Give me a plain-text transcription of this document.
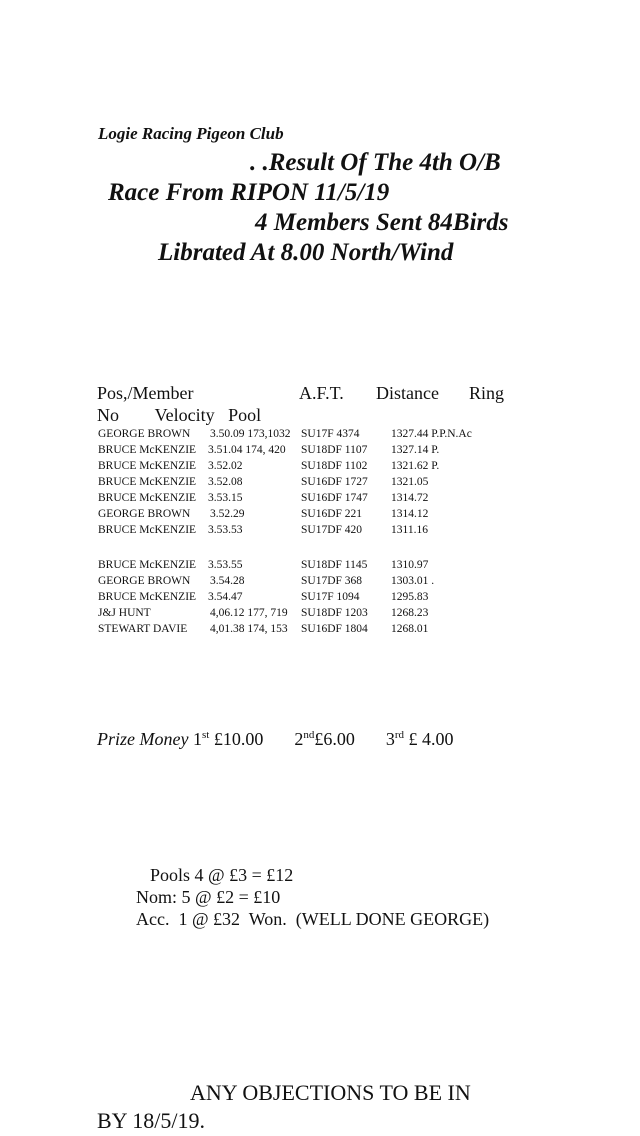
Logie Racing Pigeon Club
. .Result Of The 4th O/B
Race From RIPON 11/5/19
4 Members Sent 84Birds
Librated At 8.00 North/Wind
Pos,/Member	A.F.T. Distance Ring
No        Velocity   Pool
GEORGE BROWN 3.50.09 173,1032 SU17F 4374	1327.44 P.P.N.Ac
BRUCE McKENZIE 3.51.04 174, 420 SU18DF 1107 1327.14 P.
BRUCE McKENZIE 3.52.02	SU18DF 1102 1321.62 P.
BRUCE McKENZIE 3.52.08	SU16DF 1727 1321.05
BRUCE McKENZIE 3.53.15	SU16DF 1747 1314.72
GEORGE BROWN 3.52.29	SU16DF 221	1314.12
BRUCE McKENZIE 3.53.53	SU17DF 420	1311.16
BRUCE McKENZIE 3.53.55	SU18DF 1145 1310.97
GEORGE BROWN 3.54.28	SU17DF 368	1303.01 .
BRUCE McKENZIE 3.54.47	SU17F 1094	1295.83
J&J HUNT	4,06.12 177, 719 SU18DF 1203 1268.23
STEWART DAVIE 4,01.38 174, 153 SU16DF 1804 1268.01
Prize Money 1st £10.00 2nd£6.00 3rd £ 4.00
Pools 4 @ £3 = £12
Nom: 5 @ £2 = £10
Acc.  1 @ £32  Won.  (WELL DONE GEORGE)
ANY OBJECTIONS TO BE IN
BY 18/5/19.
